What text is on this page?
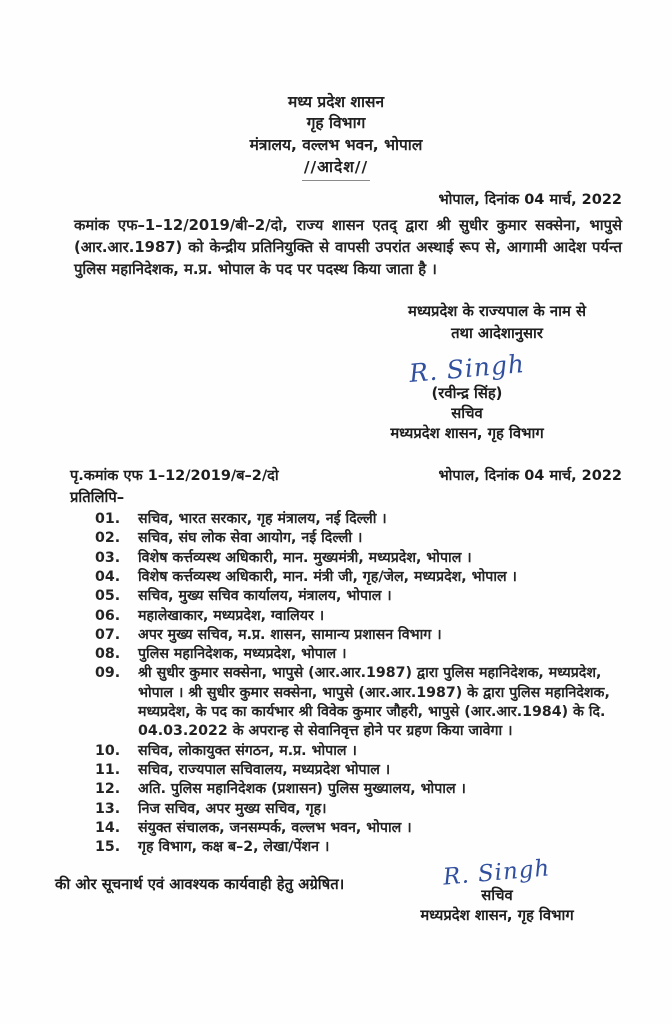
मध्य प्रदेश शासन
गृह विभाग
मंत्रालय, वल्लभ भवन, भोपाल
//आदेश//
भोपाल, दिनांक 04 मार्च, 2022
कमांक एफ–1–12/2019/बी–2/दो, राज्य शासन एतद् द्वारा श्री सुधीर कुमार सक्सेना, भापुसे (आर.आर.1987) को केन्द्रीय प्रतिनियुक्ति से वापसी उपरांत अस्थाई रूप से, आगामी आदेश पर्यन्त पुलिस महानिदेशक, म.प्र. भोपाल के पद पर पदस्थ किया जाता है ।
मध्यप्रदेश के राज्यपाल के नाम से
तथा आदेशानुसार
R. Singh
(रवीन्द्र सिंह)
सचिव
मध्यप्रदेश शासन, गृह विभाग
पृ.कमांक एफ 1–12/2019/ब–2/दो	भोपाल, दिनांक 04 मार्च, 2022
प्रतिलिपि–
01.	सचिव, भारत सरकार, गृह मंत्रालय, नई दिल्ली ।
02.	सचिव, संघ लोक सेवा आयोग, नई दिल्ली ।
03.	विशेष कर्त्तव्यस्थ अधिकारी, मान. मुख्यमंत्री, मध्यप्रदेश, भोपाल ।
04.	विशेष कर्त्तव्यस्थ अधिकारी, मान. मंत्री जी, गृह/जेल, मध्यप्रदेश, भोपाल ।
05.	सचिव, मुख्य सचिव कार्यालय, मंत्रालय, भोपाल ।
06.	महालेखाकार, मध्यप्रदेश, ग्वालियर ।
07.	अपर मुख्य सचिव, म.प्र. शासन, सामान्य प्रशासन विभाग ।
08.	पुलिस महानिदेशक, मध्यप्रदेश, भोपाल ।
09.	श्री सुधीर कुमार सक्सेना, भापुसे (आर.आर.1987) द्वारा पुलिस महानिदेशक, मध्यप्रदेश, भोपाल । श्री सुधीर कुमार सक्सेना, भापुसे (आर.आर.1987) के द्वारा पुलिस महानिदेशक, मध्यप्रदेश, के पद का कार्यभार श्री विवेक कुमार जौहरी, भापुसे (आर.आर.1984) के दि. 04.03.2022 के अपरान्ह से सेवानिवृत्त होने पर ग्रहण किया जावेगा ।
10.	सचिव, लोकायुक्त संगठन, म.प्र. भोपाल ।
11.	सचिव, राज्यपाल सचिवालय, मध्यप्रदेश भोपाल ।
12.	अति. पुलिस महानिदेशक (प्रशासन) पुलिस मुख्यालय, भोपाल ।
13.	निज सचिव, अपर मुख्य सचिव, गृह।
14.	संयुक्त संचालक, जनसम्पर्क, वल्लभ भवन, भोपाल ।
15.	गृह विभाग, कक्ष ब–2, लेखा/पेंशन ।
की ओर सूचनार्थ एवं आवश्यक कार्यवाही हेतु अग्रेषित।	R. Singh
सचिव
मध्यप्रदेश शासन, गृह विभाग
